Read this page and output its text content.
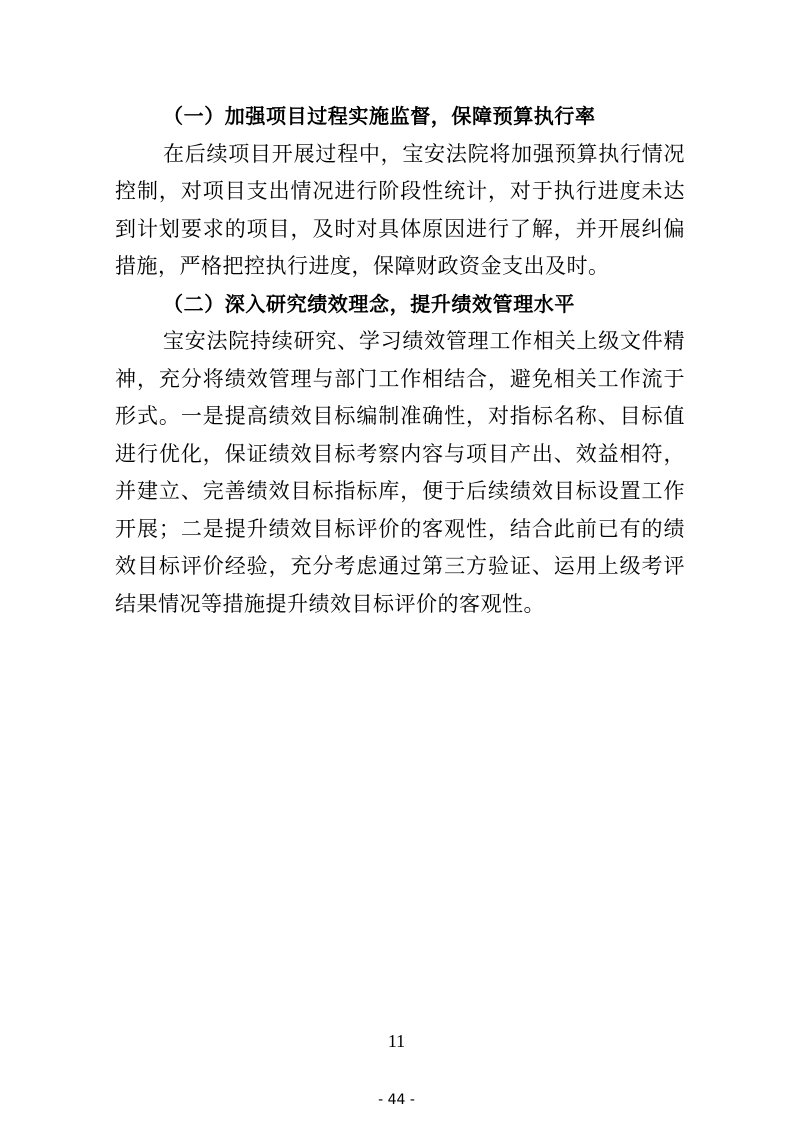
（一）加强项目过程实施监督，保障预算执行率
在后续项目开展过程中，宝安法院将加强预算执行情况
控制，对项目支出情况进行阶段性统计，对于执行进度未达
到计划要求的项目，及时对具体原因进行了解，并开展纠偏
措施，严格把控执行进度，保障财政资金支出及时。
（二）深入研究绩效理念，提升绩效管理水平
宝安法院持续研究、学习绩效管理工作相关上级文件精
神，充分将绩效管理与部门工作相结合，避免相关工作流于
形式。一是提高绩效目标编制准确性，对指标名称、目标值
进行优化，保证绩效目标考察内容与项目产出、效益相符，
并建立、完善绩效目标指标库，便于后续绩效目标设置工作
开展；二是提升绩效目标评价的客观性，结合此前已有的绩
效目标评价经验，充分考虑通过第三方验证、运用上级考评
结果情况等措施提升绩效目标评价的客观性。
11
- 44 -
